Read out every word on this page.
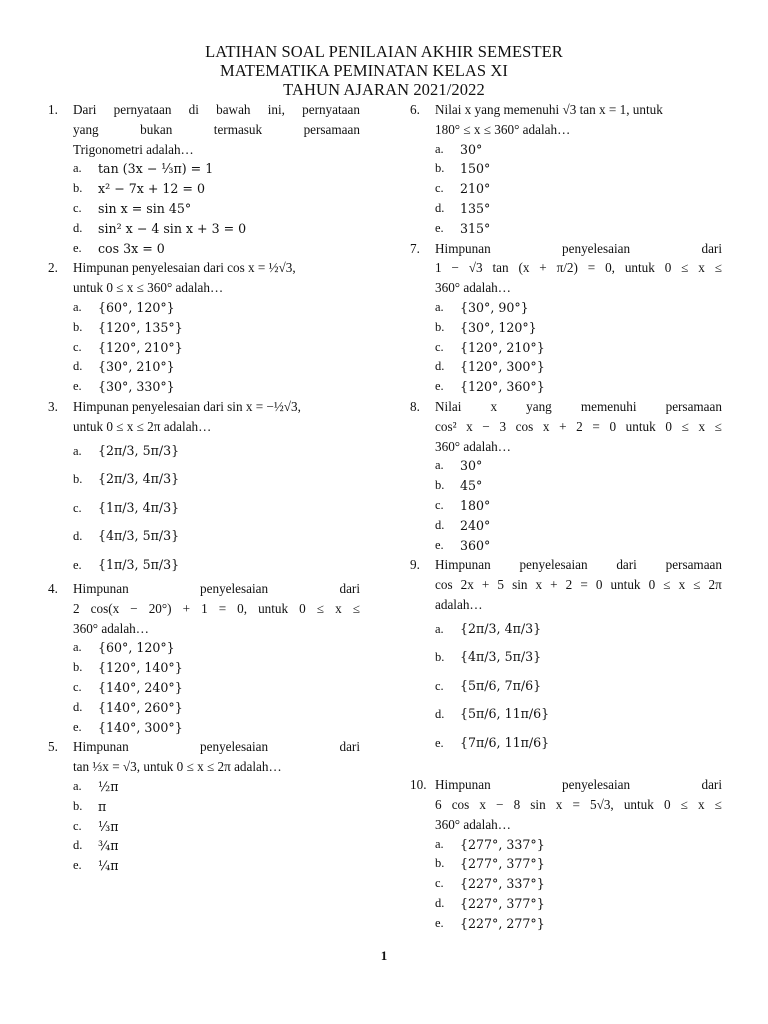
LATIHAN SOAL PENILAIAN AKHIR SEMESTER
MATEMATIKA PEMINATAN KELAS XI
TAHUN AJARAN 2021/2022
1. Dari pernyataan di bawah ini, pernyataan
yang	bukan	termasuk	persamaan
Trigonometri adalah…
a. tan (3x − ⅓π) = 1
b. x² − 7x + 12 = 0
c. sin x = sin 45°
d. sin² x − 4 sin x + 3 = 0
e. cos 3x = 0
2. Himpunan penyelesaian dari cos x = ½√3,
untuk 0 ≤ x ≤ 360° adalah…
a. {60°, 120°}
b. {120°, 135°}
c. {120°, 210°}
d. {30°, 210°}
e. {30°, 330°}
3. Himpunan penyelesaian dari sin x = −½√3,
untuk 0 ≤ x ≤ 2π adalah…
a. {2π/3, 5π/3}
b. {2π/3, 4π/3}
c. {1π/3, 4π/3}
d. {4π/3, 5π/3}
e. {1π/3, 5π/3}
4. Himpunan	penyelesaian	dari
2 cos(x − 20°) + 1 = 0, untuk 0 ≤ x ≤
360° adalah…
a. {60°, 120°}
b. {120°, 140°}
c. {140°, 240°}
d. {140°, 260°}
e. {140°, 300°}
5. Himpunan	penyelesaian	dari
tan ⅓x = √3, untuk 0 ≤ x ≤ 2π adalah…
a. ½π
b. π
c. ⅓π
d. ¾π
e. ¼π
6. Nilai x yang memenuhi √3 tan x = 1, untuk
180° ≤ x ≤ 360° adalah…
a. 30°
b. 150°
c. 210°
d. 135°
e. 315°
7. Himpunan	penyelesaian	dari
1 − √3 tan (x + π/2) = 0, untuk 0 ≤ x ≤
360° adalah…
a. {30°, 90°}
b. {30°, 120°}
c. {120°, 210°}
d. {120°, 300°}
e. {120°, 360°}
8. Nilai x yang memenuhi persamaan
cos² x − 3 cos x + 2 = 0 untuk 0 ≤ x ≤
360° adalah…
a. 30°
b. 45°
c. 180°
d. 240°
e. 360°
9. Himpunan penyelesaian dari persamaan
cos 2x + 5 sin x + 2 = 0 untuk 0 ≤ x ≤ 2π
adalah…
a. {2π/3, 4π/3}
b. {4π/3, 5π/3}
c. {5π/6, 7π/6}
d. {5π/6, 11π/6}
e. {7π/6, 11π/6}
10. Himpunan	penyelesaian	dari
6 cos x − 8 sin x = 5√3, untuk 0 ≤ x ≤
360° adalah…
a. {277°, 337°}
b. {277°, 377°}
c. {227°, 337°}
d. {227°, 377°}
e. {227°, 277°}
1
